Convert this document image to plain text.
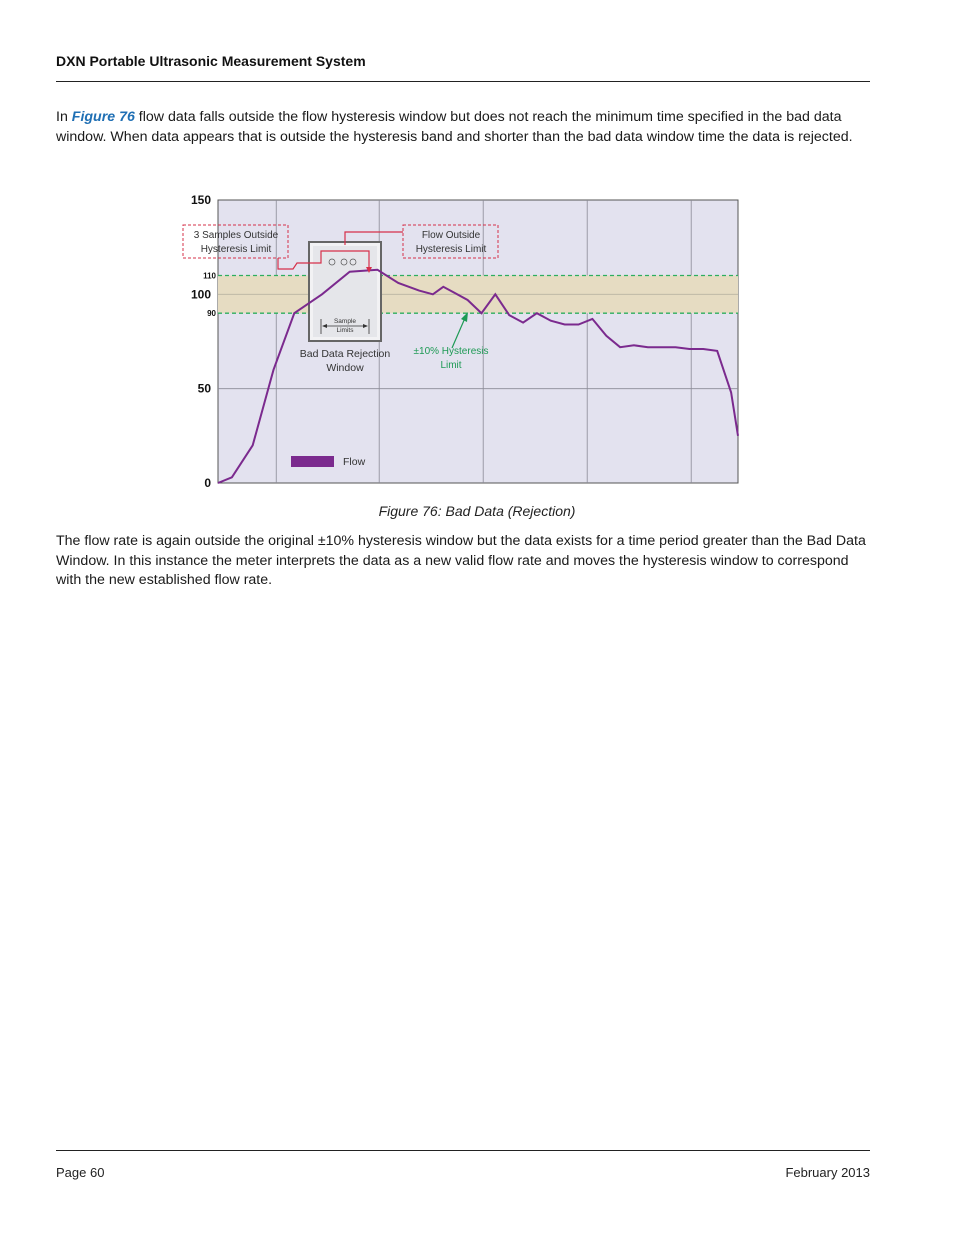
DXN Portable Ultrasonic Measurement System
In Figure 76 flow data falls outside the flow hysteresis window but does not reach the minimum time specified in the bad data window. When data appears that is outside the hysteresis band and shorter than the bad data window time the data is rejected.
0
50
100
150
90
110
3 Samples Outside
Hysteresis Limit
Flow Outside
Hysteresis Limit
Sample
Limits
Bad Data Rejection
Window
±10% Hysteresis
Limit
Flow
Figure 76: Bad Data (Rejection)
The flow rate is again outside the original ±10% hysteresis window but the data exists for a time period greater than the Bad Data Window. In this instance the meter interprets the data as a new valid flow rate and moves the hysteresis window to correspond with the new established flow rate.
Page 60	February 2013
